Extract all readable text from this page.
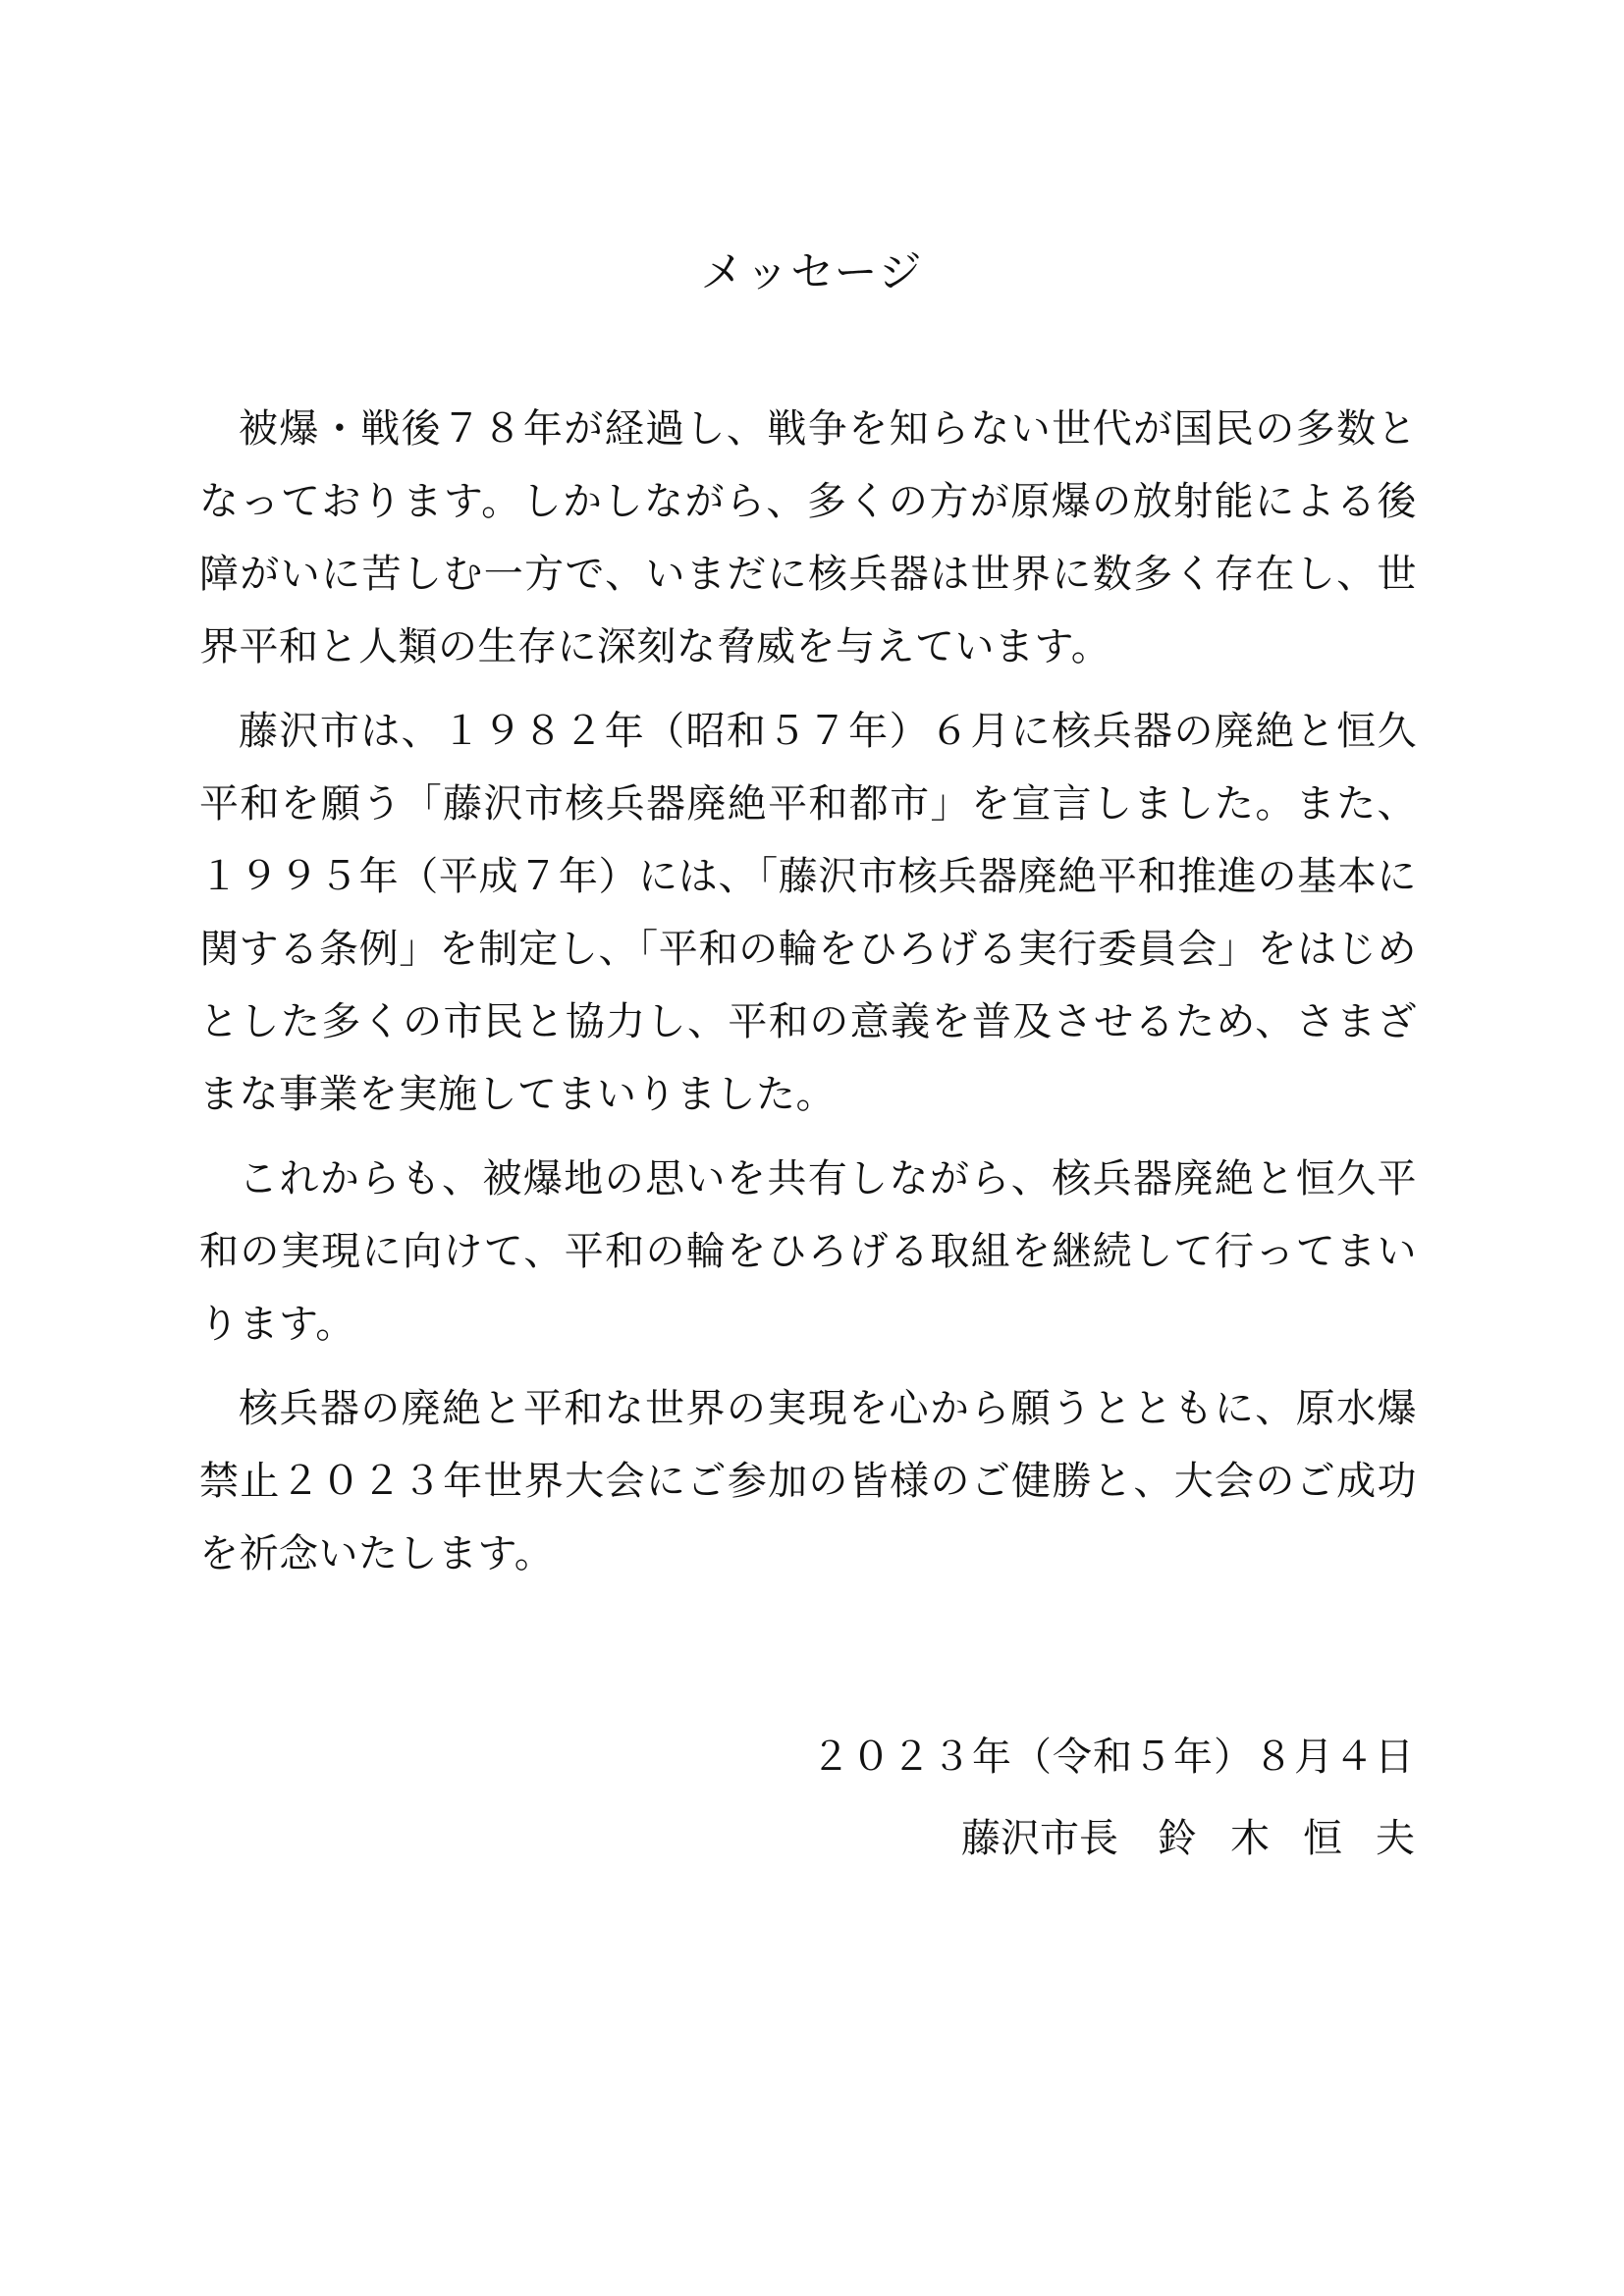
メッセージ

被爆・戦後７８年が経過し、戦争を知らない世代が国民の多数となっております。しかしながら、多くの方が原爆の放射能による後障がいに苦しむ一方で、いまだに核兵器は世界に数多く存在し、世界平和と人類の生存に深刻な脅威を与えています。

藤沢市は、１９８２年（昭和５７年）６月に核兵器の廃絶と恒久平和を願う「藤沢市核兵器廃絶平和都市」を宣言しました。また、１９９５年（平成７年）には、「藤沢市核兵器廃絶平和推進の基本に関する条例」を制定し、「平和の輪をひろげる実行委員会」をはじめとした多くの市民と協力し、平和の意義を普及させるため、さまざまな事業を実施してまいりました。

これからも、被爆地の思いを共有しながら、核兵器廃絶と恒久平和の実現に向けて、平和の輪をひろげる取組を継続して行ってまいります。

核兵器の廃絶と平和な世界の実現を心から願うとともに、原水爆禁止２０２３年世界大会にご参加の皆様のご健勝と、大会のご成功を祈念いたします。

２０２３年（令和５年）８月４日

藤沢市長 鈴木恒夫
